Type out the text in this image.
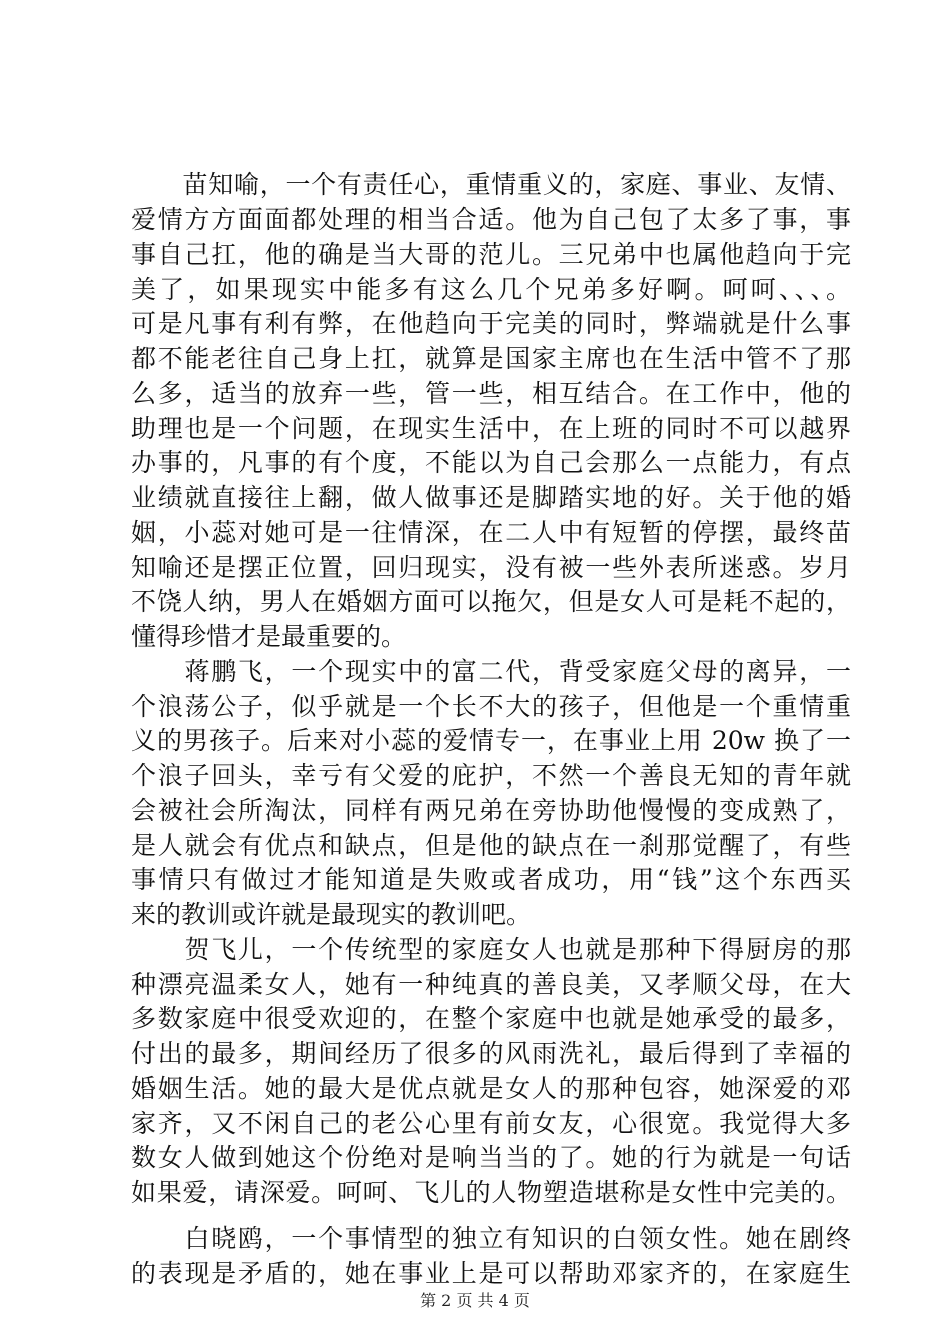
　　苗知喻，一个有责任心，重情重义的，家庭、事业、友情、
爱情方方面面都处理的相当合适。他为自己包了太多了事，事
事自己扛，他的确是当大哥的范儿。三兄弟中也属他趋向于完
美了，如果现实中能多有这么几个兄弟多好啊。呵呵、、、。
可是凡事有利有弊，在他趋向于完美的同时，弊端就是什么事
都不能老往自己身上扛，就算是国家主席也在生活中管不了那
么多，适当的放弃一些，管一些，相互结合。在工作中，他的
助理也是一个问题，在现实生活中，在上班的同时不可以越界
办事的，凡事的有个度，不能以为自己会那么一点能力，有点
业绩就直接往上翻，做人做事还是脚踏实地的好。关于他的婚
姻，小蕊对她可是一往情深，在二人中有短暂的停摆，最终苗
知喻还是摆正位置，回归现实，没有被一些外表所迷惑。岁月
不饶人纳，男人在婚姻方面可以拖欠，但是女人可是耗不起的，
懂得珍惜才是最重要的。
　　蒋鹏飞，一个现实中的富二代，背受家庭父母的离异，一
个浪荡公子，似乎就是一个长不大的孩子，但他是一个重情重
义的男孩子。后来对小蕊的爱情专一，在事业上用 20w 换了一
个浪子回头，幸亏有父爱的庇护，不然一个善良无知的青年就
会被社会所淘汰，同样有两兄弟在旁协助他慢慢的变成熟了，
是人就会有优点和缺点，但是他的缺点在一刹那觉醒了，有些
事情只有做过才能知道是失败或者成功，用“钱”这个东西买
来的教训或许就是最现实的教训吧。
　　贺飞儿，一个传统型的家庭女人也就是那种下得厨房的那
种漂亮温柔女人，她有一种纯真的善良美，又孝顺父母，在大
多数家庭中很受欢迎的，在整个家庭中也就是她承受的最多，
付出的最多，期间经历了很多的风雨洗礼，最后得到了幸福的
婚姻生活。她的最大是优点就是女人的那种包容，她深爱的邓
家齐，又不闲自己的老公心里有前女友，心很宽。我觉得大多
数女人做到她这个份绝对是响当当的了。她的行为就是一句话
如果爱，请深爱。呵呵、飞儿的人物塑造堪称是女性中完美的。
　　白晓鸥，一个事情型的独立有知识的白领女性。她在剧终
的表现是矛盾的，她在事业上是可以帮助邓家齐的，在家庭生
第 2 页 共 4 页
